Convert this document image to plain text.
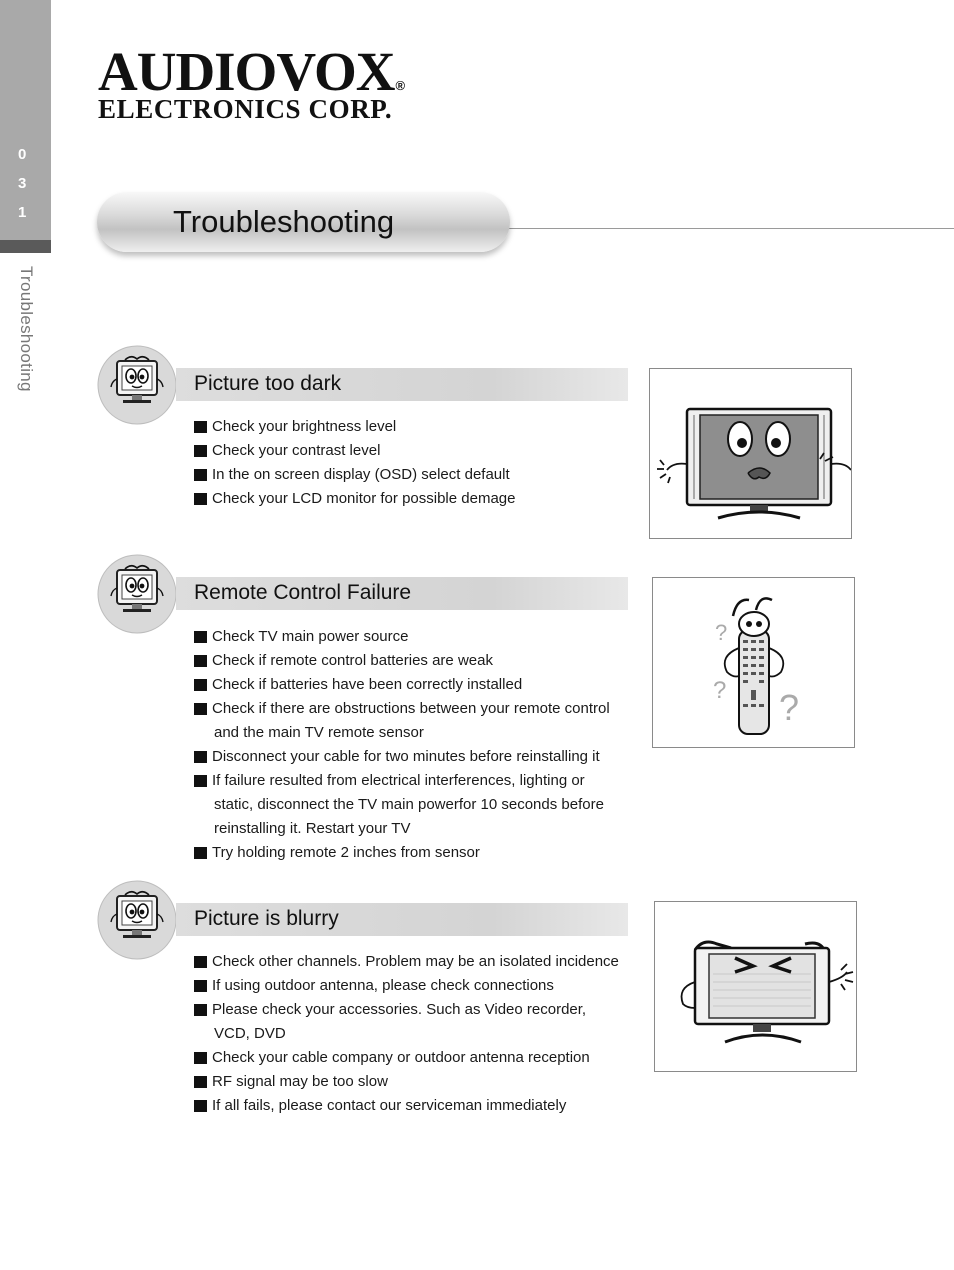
0
3
1
Troubleshooting
AUDIOVOX®
ELECTRONICS CORP.
Troubleshooting
Picture too dark
Check your brightness level
Check your contrast level
In the on screen display (OSD) select default
Check your LCD monitor for possible demage
Remote Control Failure
Check TV main power source
Check if remote control batteries are weak
Check if batteries have been correctly installed
Check if there are obstructions between your remote control
and the main TV remote sensor
Disconnect your cable for two minutes before reinstalling it
If failure resulted from electrical interferences, lighting or
static, disconnect the TV main powerfor 10 seconds before
reinstalling it. Restart your TV
Try holding remote 2 inches from sensor
?
? ?
Picture is blurry
Check other channels. Problem may be an isolated incidence
If using outdoor antenna, please check connections
Please check your accessories. Such as Video recorder,
VCD, DVD
Check your cable company or outdoor antenna reception
RF signal may be too slow
If all fails, please contact our serviceman immediately
